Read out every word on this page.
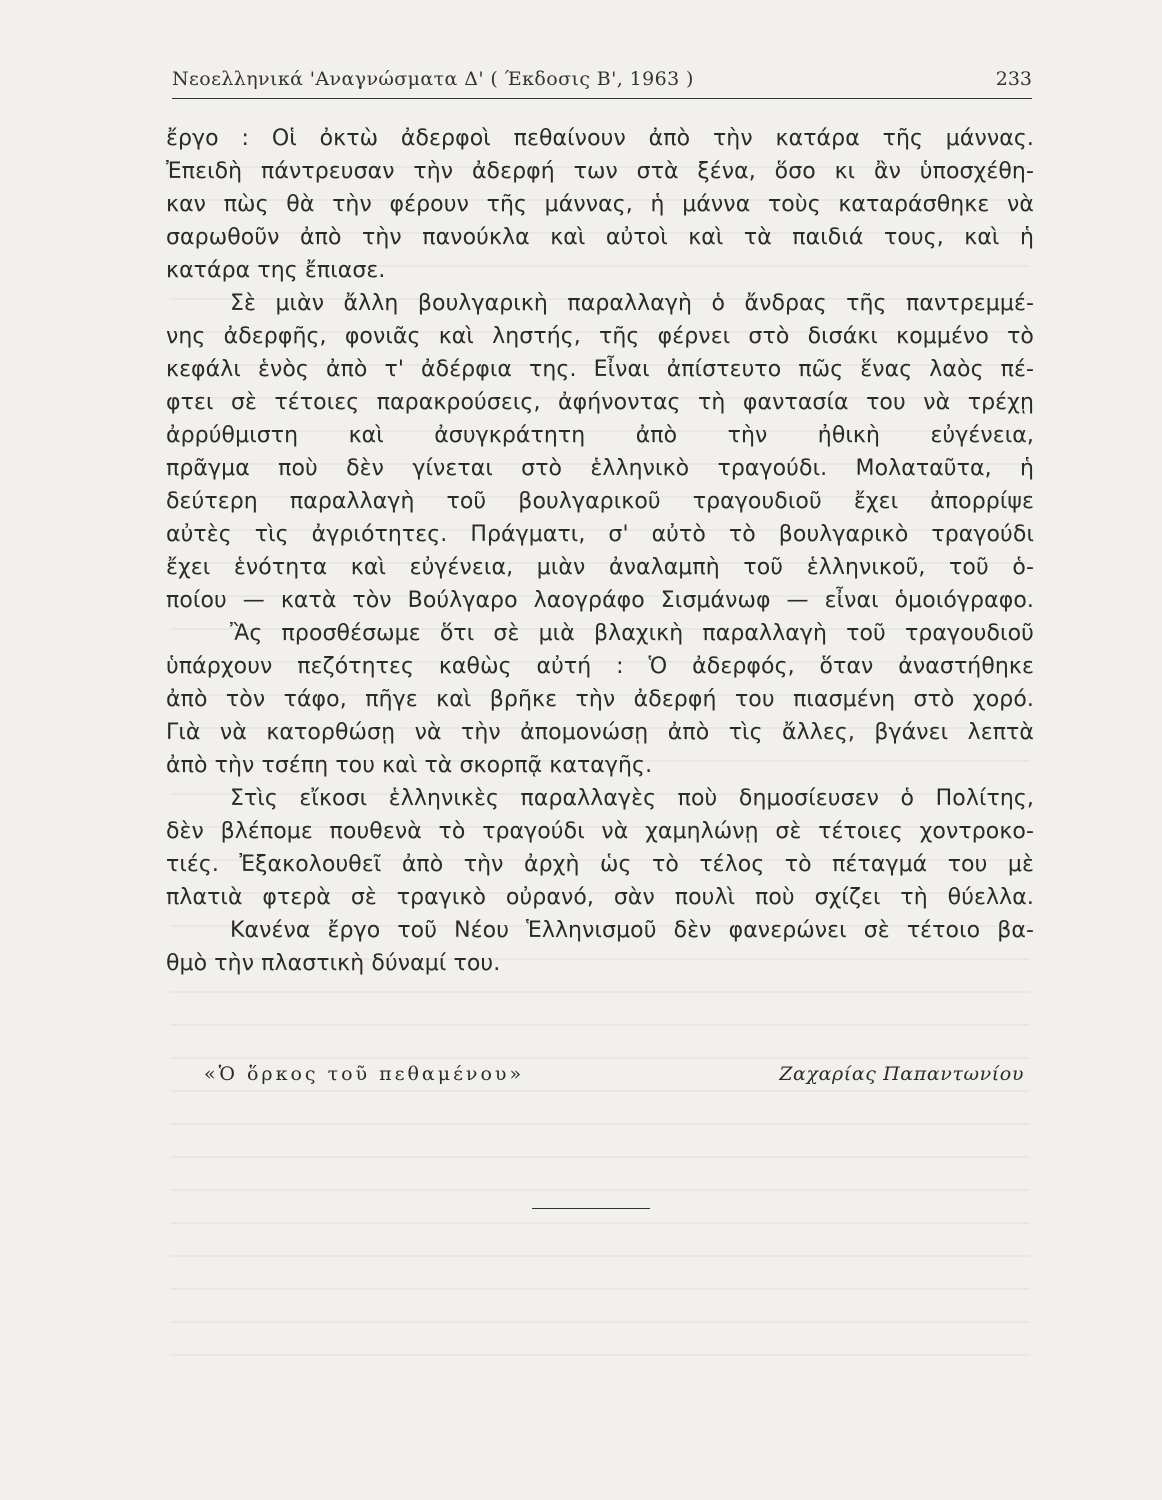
Νεοελληνικά 'Αναγνώσματα Δ' ( Έκδοσις Β', 1963 )	233
ἔργο : Οἱ ὀκτὼ ἀδερφοὶ πεθαίνουν ἀπὸ τὴν κατάρα τῆς μάννας.
Ἐπειδὴ πάντρευσαν τὴν ἀδερφή των στὰ ξένα, ὅσο κι ἂν ὑποσχέθη-
καν πὼς θὰ τὴν φέρουν τῆς μάννας, ἡ μάννα τοὺς καταράσθηκε νὰ
σαρωθοῦν ἀπὸ τὴν πανούκλα καὶ αὐτοὶ καὶ τὰ παιδιά τους, καὶ ἡ
κατάρα της ἔπιασε.
Σὲ μιὰν ἄλλη βουλγαρικὴ παραλλαγὴ ὁ ἄνδρας τῆς παντρεμμέ-
νης ἀδερφῆς, φονιᾶς καὶ ληστής, τῆς φέρνει στὸ δισάκι κομμένο τὸ
κεφάλι ἑνὸς ἀπὸ τ' ἀδέρφια της. Εἶναι ἀπίστευτο πῶς ἕνας λαὸς πέ-
φτει σὲ τέτοιες παρακρούσεις, ἀφήνοντας τὴ φαντασία του νὰ τρέχῃ
ἀρρύθμιστη καὶ ἀσυγκράτητη ἀπὸ τὴν ἠθικὴ εὐγένεια,
πρᾶγμα ποὺ δὲν γίνεται στὸ ἑλληνικὸ τραγούδι. Μολαταῦτα, ἡ
δεύτερη παραλλαγὴ τοῦ βουλγαρικοῦ τραγουδιοῦ ἔχει ἀπορρίψε
αὐτὲς τὶς ἀγριότητες. Πράγματι, σ' αὐτὸ τὸ βουλγαρικὸ τραγούδι
ἔχει ἑνότητα καὶ εὐγένεια, μιὰν ἀναλαμπὴ τοῦ ἑλληνικοῦ, τοῦ ὁ-
ποίου — κατὰ τὸν Βούλγαρο λαογράφο Σισμάνωφ — εἶναι ὁμοιόγραφο.
Ἂς προσθέσωμε ὅτι σὲ μιὰ βλαχικὴ παραλλαγὴ τοῦ τραγουδιοῦ
ὑπάρχουν πεζότητες καθὼς αὐτή : Ὁ ἀδερφός, ὅταν ἀναστήθηκε
ἀπὸ τὸν τάφο, πῆγε καὶ βρῆκε τὴν ἀδερφή του πιασμένη στὸ χορό.
Γιὰ νὰ κατορθώσῃ νὰ τὴν ἀπομονώσῃ ἀπὸ τὶς ἄλλες, βγάνει λεπτὰ
ἀπὸ τὴν τσέπη του καὶ τὰ σκορπᾷ καταγῆς.
Στὶς εἴκοσι ἑλληνικὲς παραλλαγὲς ποὺ δημοσίευσεν ὁ Πολίτης,
δὲν βλέπομε πουθενὰ τὸ τραγούδι νὰ χαμηλώνῃ σὲ τέτοιες χοντροκο-
τιές. Ἐξακολουθεῖ ἀπὸ τὴν ἀρχὴ ὡς τὸ τέλος τὸ πέταγμά του μὲ
πλατιὰ φτερὰ σὲ τραγικὸ οὐρανό, σὰν πουλὶ ποὺ σχίζει τὴ θύελλα.
Κανένα ἔργο τοῦ Νέου Ἑλληνισμοῦ δὲν φανερώνει σὲ τέτοιο βα-
θμὸ τὴν πλαστικὴ δύναμί του.
«Ὁ ὅρκος τοῦ πεθαμένου»	Ζαχαρίας Παπαντωνίου
